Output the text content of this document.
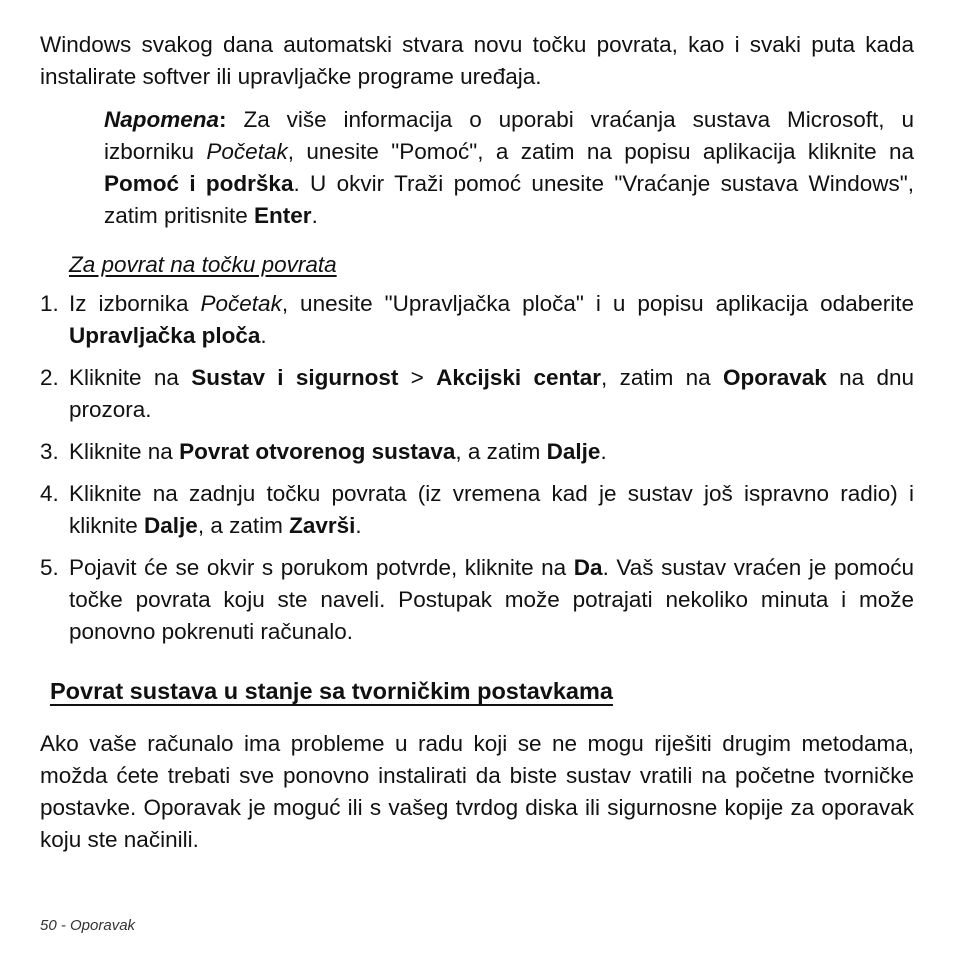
Windows svakog dana automatski stvara novu točku povrata, kao i svaki puta kada instalirate softver ili upravljačke programe uređaja.

Napomena: Za više informacija o uporabi vraćanja sustava Microsoft, u izborniku Početak, unesite "Pomoć", a zatim na popisu aplikacija kliknite na Pomoć i podrška. U okvir Traži pomoć unesite "Vraćanje sustava Windows", zatim pritisnite Enter.

Za povrat na točku povrata

1. Iz izbornika Početak, unesite "Upravljačka ploča" i u popisu aplikacija odaberite Upravljačka ploča.

2. Kliknite na Sustav i sigurnost > Akcijski centar, zatim na Oporavak na dnu prozora.

3. Kliknite na Povrat otvorenog sustava, a zatim Dalje.

4. Kliknite na zadnju točku povrata (iz vremena kad je sustav još ispravno radio) i kliknite Dalje, a zatim Završi.

5. Pojavit će se okvir s porukom potvrde, kliknite na Da. Vaš sustav vraćen je pomoću točke povrata koju ste naveli. Postupak može potrajati nekoliko minuta i može ponovno pokrenuti računalo.

Povrat sustava u stanje sa tvorničkim postavkama

Ako vaše računalo ima probleme u radu koji se ne mogu riješiti drugim metodama, možda ćete trebati sve ponovno instalirati da biste sustav vratili na početne tvorničke postavke. Oporavak je moguć ili s vašeg tvrdog diska ili sigurnosne kopije za oporavak koju ste načinili.

50 - Oporavak
